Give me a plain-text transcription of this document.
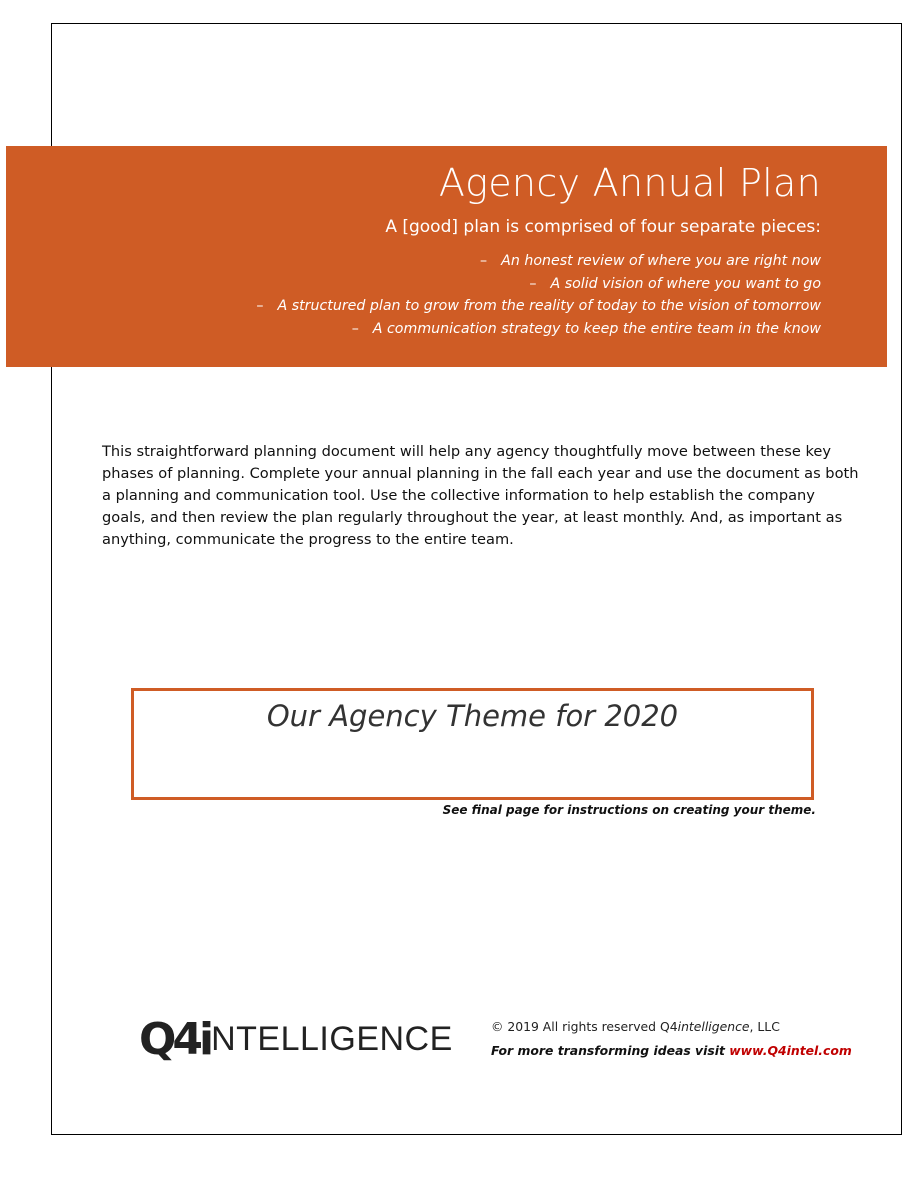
Agency Annual Plan
A [good] plan is comprised of four separate pieces:
– An honest review of where you are right now
– A solid vision of where you want to go
– A structured plan to grow from the reality of today to the vision of tomorrow
– A communication strategy to keep the entire team in the know

This straightforward planning document will help any agency thoughtfully move between these key phases of planning. Complete your annual planning in the fall each year and use the document as both a planning and communication tool. Use the collective information to help establish the company goals, and then review the plan regularly throughout the year, at least monthly. And, as important as anything, communicate the progress to the entire team.

Our Agency Theme for 2020
See final page for instructions on creating your theme.
Q4i NTELLIGENCE	© 2019 All rights reserved Q4intelligence, LLC
For more transforming ideas visit www.Q4intel.com
